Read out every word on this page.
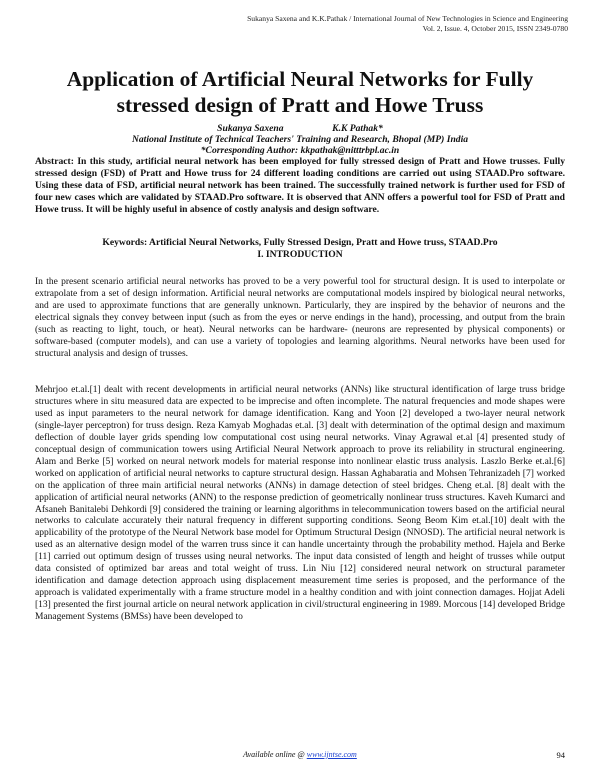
Sukanya Saxena and K.K.Pathak / International Journal of New Technologies in Science and Engineering
Vol. 2, Issue. 4, October 2015, ISSN 2349-0780
Application of Artificial Neural Networks for Fully stressed design of Pratt and Howe Truss
Sukanya Saxena	K.K Pathak*
National Institute of Technical Teachers' Training and Research, Bhopal (MP) India
*Corresponding Author: kkpathak@nitttrbpl.ac.in
Abstract: In this study, artificial neural network has been employed for fully stressed design of Pratt and Howe trusses. Fully stressed design (FSD) of Pratt and Howe truss for 24 different loading conditions are carried out using STAAD.Pro software. Using these data of FSD, artificial neural network has been trained. The successfully trained network is further used for FSD of four new cases which are validated by STAAD.Pro software. It is observed that ANN offers a powerful tool for FSD of Pratt and Howe truss. It will be highly useful in absence of costly analysis and design software.
Keywords: Artificial Neural Networks, Fully Stressed Design, Pratt and Howe truss, STAAD.Pro
I. INTRODUCTION
In the present scenario artificial neural networks has proved to be a very powerful tool for structural design. It is used to interpolate or extrapolate from a set of design information. Artificial neural networks are computational models inspired by biological neural networks, and are used to approximate functions that are generally unknown. Particularly, they are inspired by the behavior of neurons and the electrical signals they convey between input (such as from the eyes or nerve endings in the hand), processing, and output from the brain (such as reacting to light, touch, or heat). Neural networks can be hardware- (neurons are represented by physical components) or software-based (computer models), and can use a variety of topologies and learning algorithms. Neural networks have been used for structural analysis and design of trusses.
Mehrjoo et.al.[1] dealt with recent developments in artificial neural networks (ANNs) like structural identification of large truss bridge structures where in situ measured data are expected to be imprecise and often incomplete. The natural frequencies and mode shapes were used as input parameters to the neural network for damage identification. Kang and Yoon [2] developed a two-layer neural network (single-layer perceptron) for truss design. Reza Kamyab Moghadas et.al. [3] dealt with determination of the optimal design and maximum deflection of double layer grids spending low computational cost using neural networks. Vinay Agrawal et.al [4] presented study of conceptual design of communication towers using Artificial Neural Network approach to prove its reliability in structural engineering. Alam and Berke [5] worked on neural network models for material response into nonlinear elastic truss analysis. Laszlo Berke et.al.[6] worked on application of artificial neural networks to capture structural design. Hassan Aghabaratia and Mohsen Tehranizadeh [7] worked on the application of three main artificial neural networks (ANNs) in damage detection of steel bridges. Cheng et.al. [8] dealt with the application of artificial neural networks (ANN) to the response prediction of geometrically nonlinear truss structures. Kaveh Kumarci and Afsaneh Banitalebi Dehkordi [9] considered the training or learning algorithms in telecommunication towers based on the artificial neural networks to calculate accurately their natural frequency in different supporting conditions. Seong Beom Kim et.al.[10] dealt with the applicability of the prototype of the Neural Network base model for Optimum Structural Design (NNOSD). The artificial neural network is used as an alternative design model of the warren truss since it can handle uncertainty through the probability method. Hajela and Berke [11] carried out optimum design of trusses using neural networks. The input data consisted of length and height of trusses while output data consisted of optimized bar areas and total weight of truss. Lin Niu [12] considered neural network on structural parameter identification and damage detection approach using displacement measurement time series is proposed, and the performance of the approach is validated experimentally with a frame structure model in a healthy condition and with joint connection damages. Hojjat Adeli [13] presented the first journal article on neural network application in civil/structural engineering in 1989. Morcous [14] developed Bridge Management Systems (BMSs) have been developed to
Available online @ www.ijntse.com	94
